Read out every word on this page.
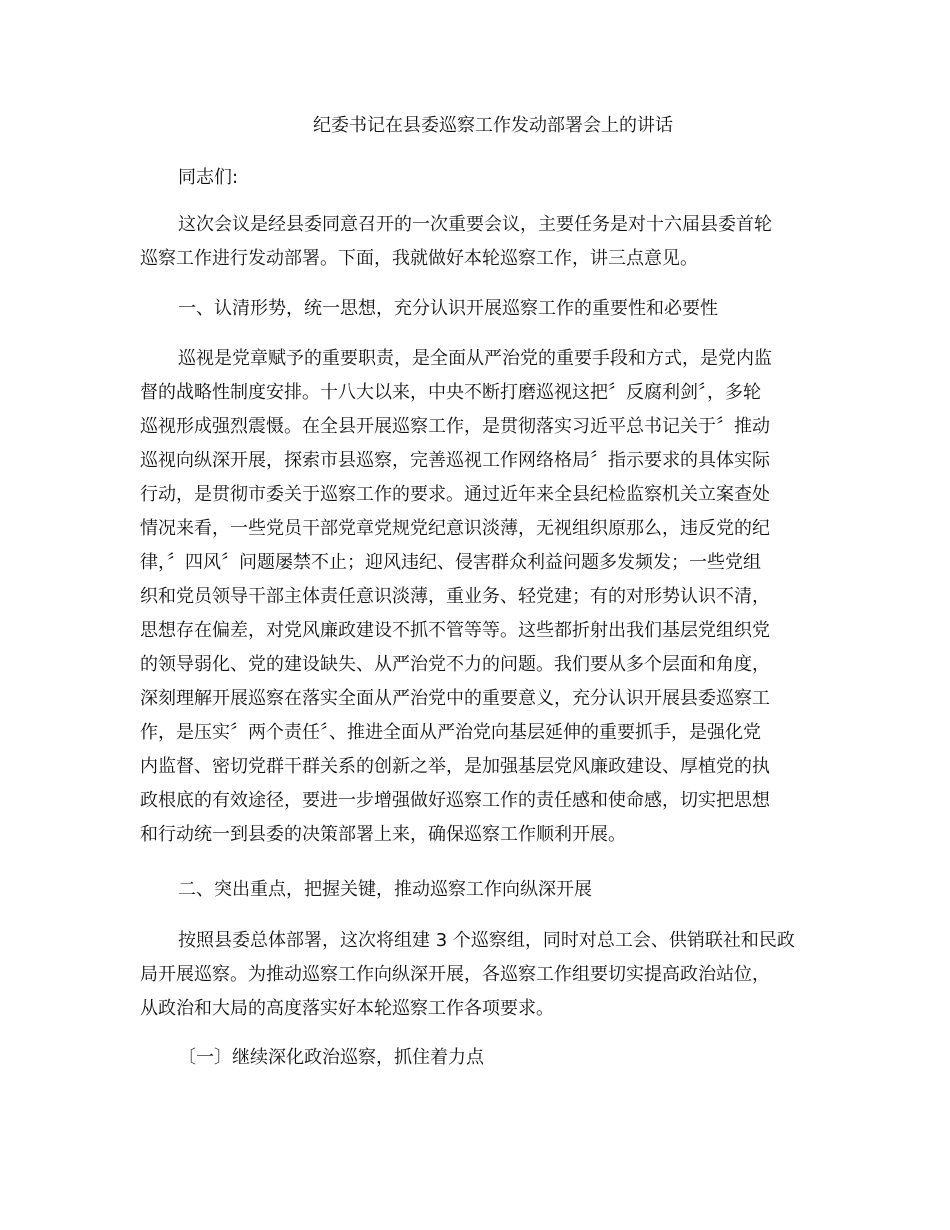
纪委书记在县委巡察工作发动部署会上的讲话
同志们:
这次会议是经县委同意召开的一次重要会议，主要任务是对十六届县委首轮
巡察工作进行发动部署。下面，我就做好本轮巡察工作，讲三点意见。
一、认清形势，统一思想，充分认识开展巡察工作的重要性和必要性
巡视是党章赋予的重要职责，是全面从严治党的重要手段和方式，是党内监
督的战略性制度安排。十八大以来，中央不断打磨巡视这把〞反腐利剑〞，多轮
巡视形成强烈震慑。在全县开展巡察工作，是贯彻落实习近平总书记关于〞推动
巡视向纵深开展，探索市县巡察，完善巡视工作网络格局〞指示要求的具体实际
行动，是贯彻市委关于巡察工作的要求。通过近年来全县纪检监察机关立案查处
情况来看，一些党员干部党章党规党纪意识淡薄，无视组织原那么，违反党的纪
律，〞四风〞问题屡禁不止；迎风违纪、侵害群众利益问题多发频发；一些党组
织和党员领导干部主体责任意识淡薄，重业务、轻党建；有的对形势认识不清，
思想存在偏差，对党风廉政建设不抓不管等等。这些都折射出我们基层党组织党
的领导弱化、党的建设缺失、从严治党不力的问题。我们要从多个层面和角度，
深刻理解开展巡察在落实全面从严治党中的重要意义，充分认识开展县委巡察工
作，是压实〞两个责任〞、推进全面从严治党向基层延伸的重要抓手，是强化党
内监督、密切党群干群关系的创新之举，是加强基层党风廉政建设、厚植党的执
政根底的有效途径，要进一步增强做好巡察工作的责任感和使命感，切实把思想
和行动统一到县委的决策部署上来，确保巡察工作顺利开展。
二、突出重点，把握关键，推动巡察工作向纵深开展
按照县委总体部署，这次将组建 3 个巡察组，同时对总工会、供销联社和民政
局开展巡察。为推动巡察工作向纵深开展，各巡察工作组要切实提高政治站位，
从政治和大局的高度落实好本轮巡察工作各项要求。
〔一〕继续深化政治巡察，抓住着力点
